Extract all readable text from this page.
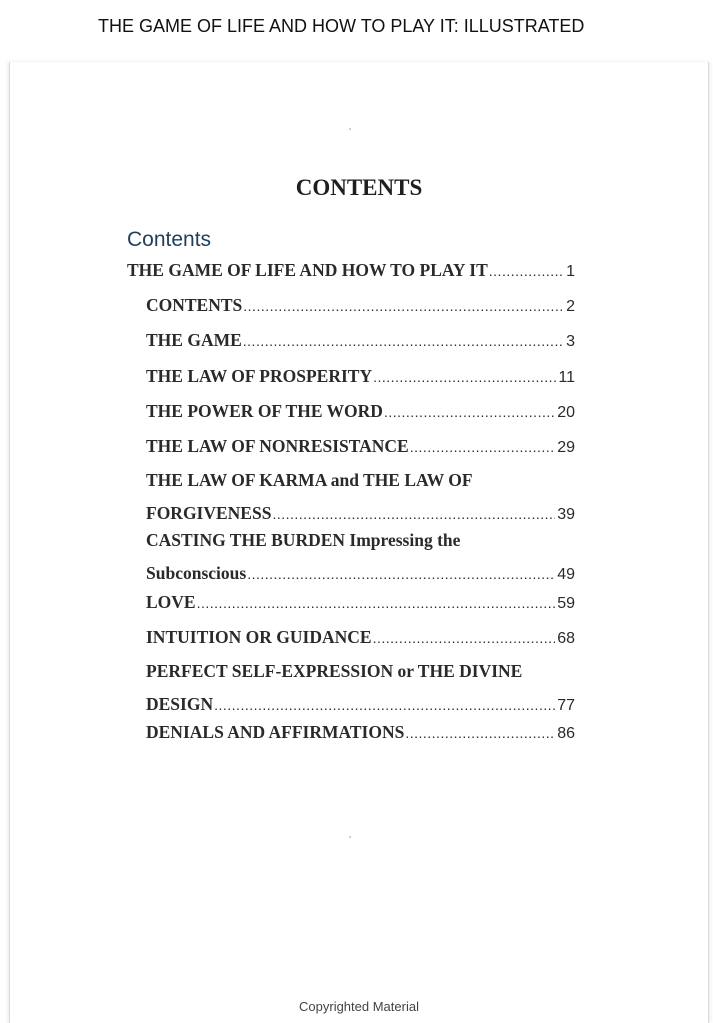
THE GAME OF LIFE AND HOW TO PLAY IT: ILLUSTRATED
CONTENTS
Contents
THE GAME OF LIFE AND HOW TO PLAY IT .....	1
CONTENTS .....	2
THE GAME .....	3
THE LAW OF PROSPERITY .....	11
THE POWER OF THE WORD .....	20
THE LAW OF NONRESISTANCE .....	29
THE LAW OF KARMA and THE LAW OF
FORGIVENESS .....	39
CASTING THE BURDEN Impressing the
Subconscious .....	49
LOVE .....	59
INTUITION OR GUIDANCE .....	68
PERFECT SELF-EXPRESSION or THE DIVINE
DESIGN .....	77
DENIALS AND AFFIRMATIONS .....	86
Copyrighted Material
